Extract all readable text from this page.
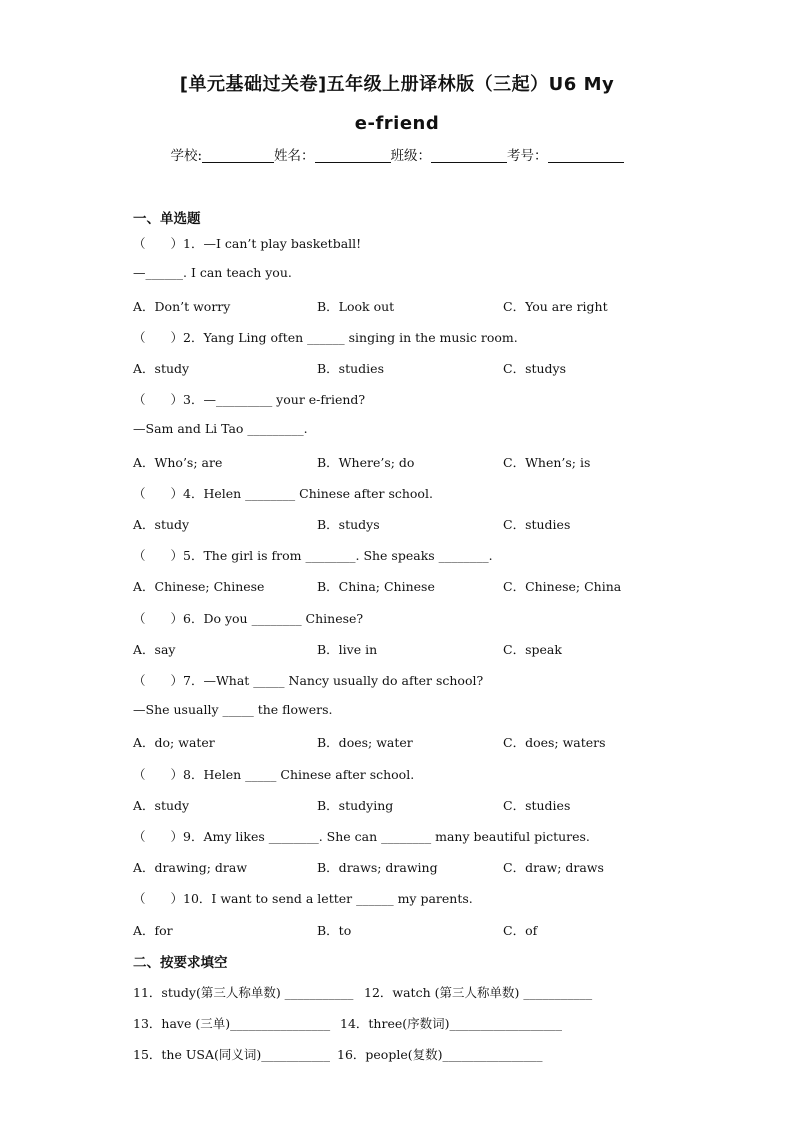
[单元基础过关卷]五年级上册译林版（三起）U6 My
e-friend
学校:	姓名：	班级：	考号：
一、单选题
（　　）1．—I can’t play basketball!
—______. I can teach you.
A．Don’t worry	B．Look out	C．You are right
（　　）2．Yang Ling often ______ singing in the music room.
A．study	B．studies	C．studys
（　　）3．—_________ your e-friend?
—Sam and Li Tao _________.
A．Who’s; are	B．Where’s; do	C．When’s; is
（　　）4．Helen ________ Chinese after school.
A．study	B．studys	C．studies
（　　）5．The girl is from ________. She speaks ________.
A．Chinese; Chinese	B．China; Chinese	C．Chinese; China
（　　）6．Do you ________ Chinese?
A．say	B．live in	C．speak
（　　）7．—What _____ Nancy usually do after school?
—She usually _____ the flowers.
A．do; water	B．does; water	C．does; waters
（　　）8．Helen _____ Chinese after school.
A．study	B．studying	C．studies
（　　）9．Amy likes ________. She can ________ many beautiful pictures.
A．drawing; draw	B．draws; drawing	C．draw; draws
（　　）10．I want to send a letter ______ my parents.
A．for	B．to	C．of
二、按要求填空
11．study(第三人称单数) ___________ 12．watch (第三人称单数) ___________
13．have (三单)________________ 14．three(序数词)__________________
15．the USA(同义词)___________ 16．people(复数)________________
